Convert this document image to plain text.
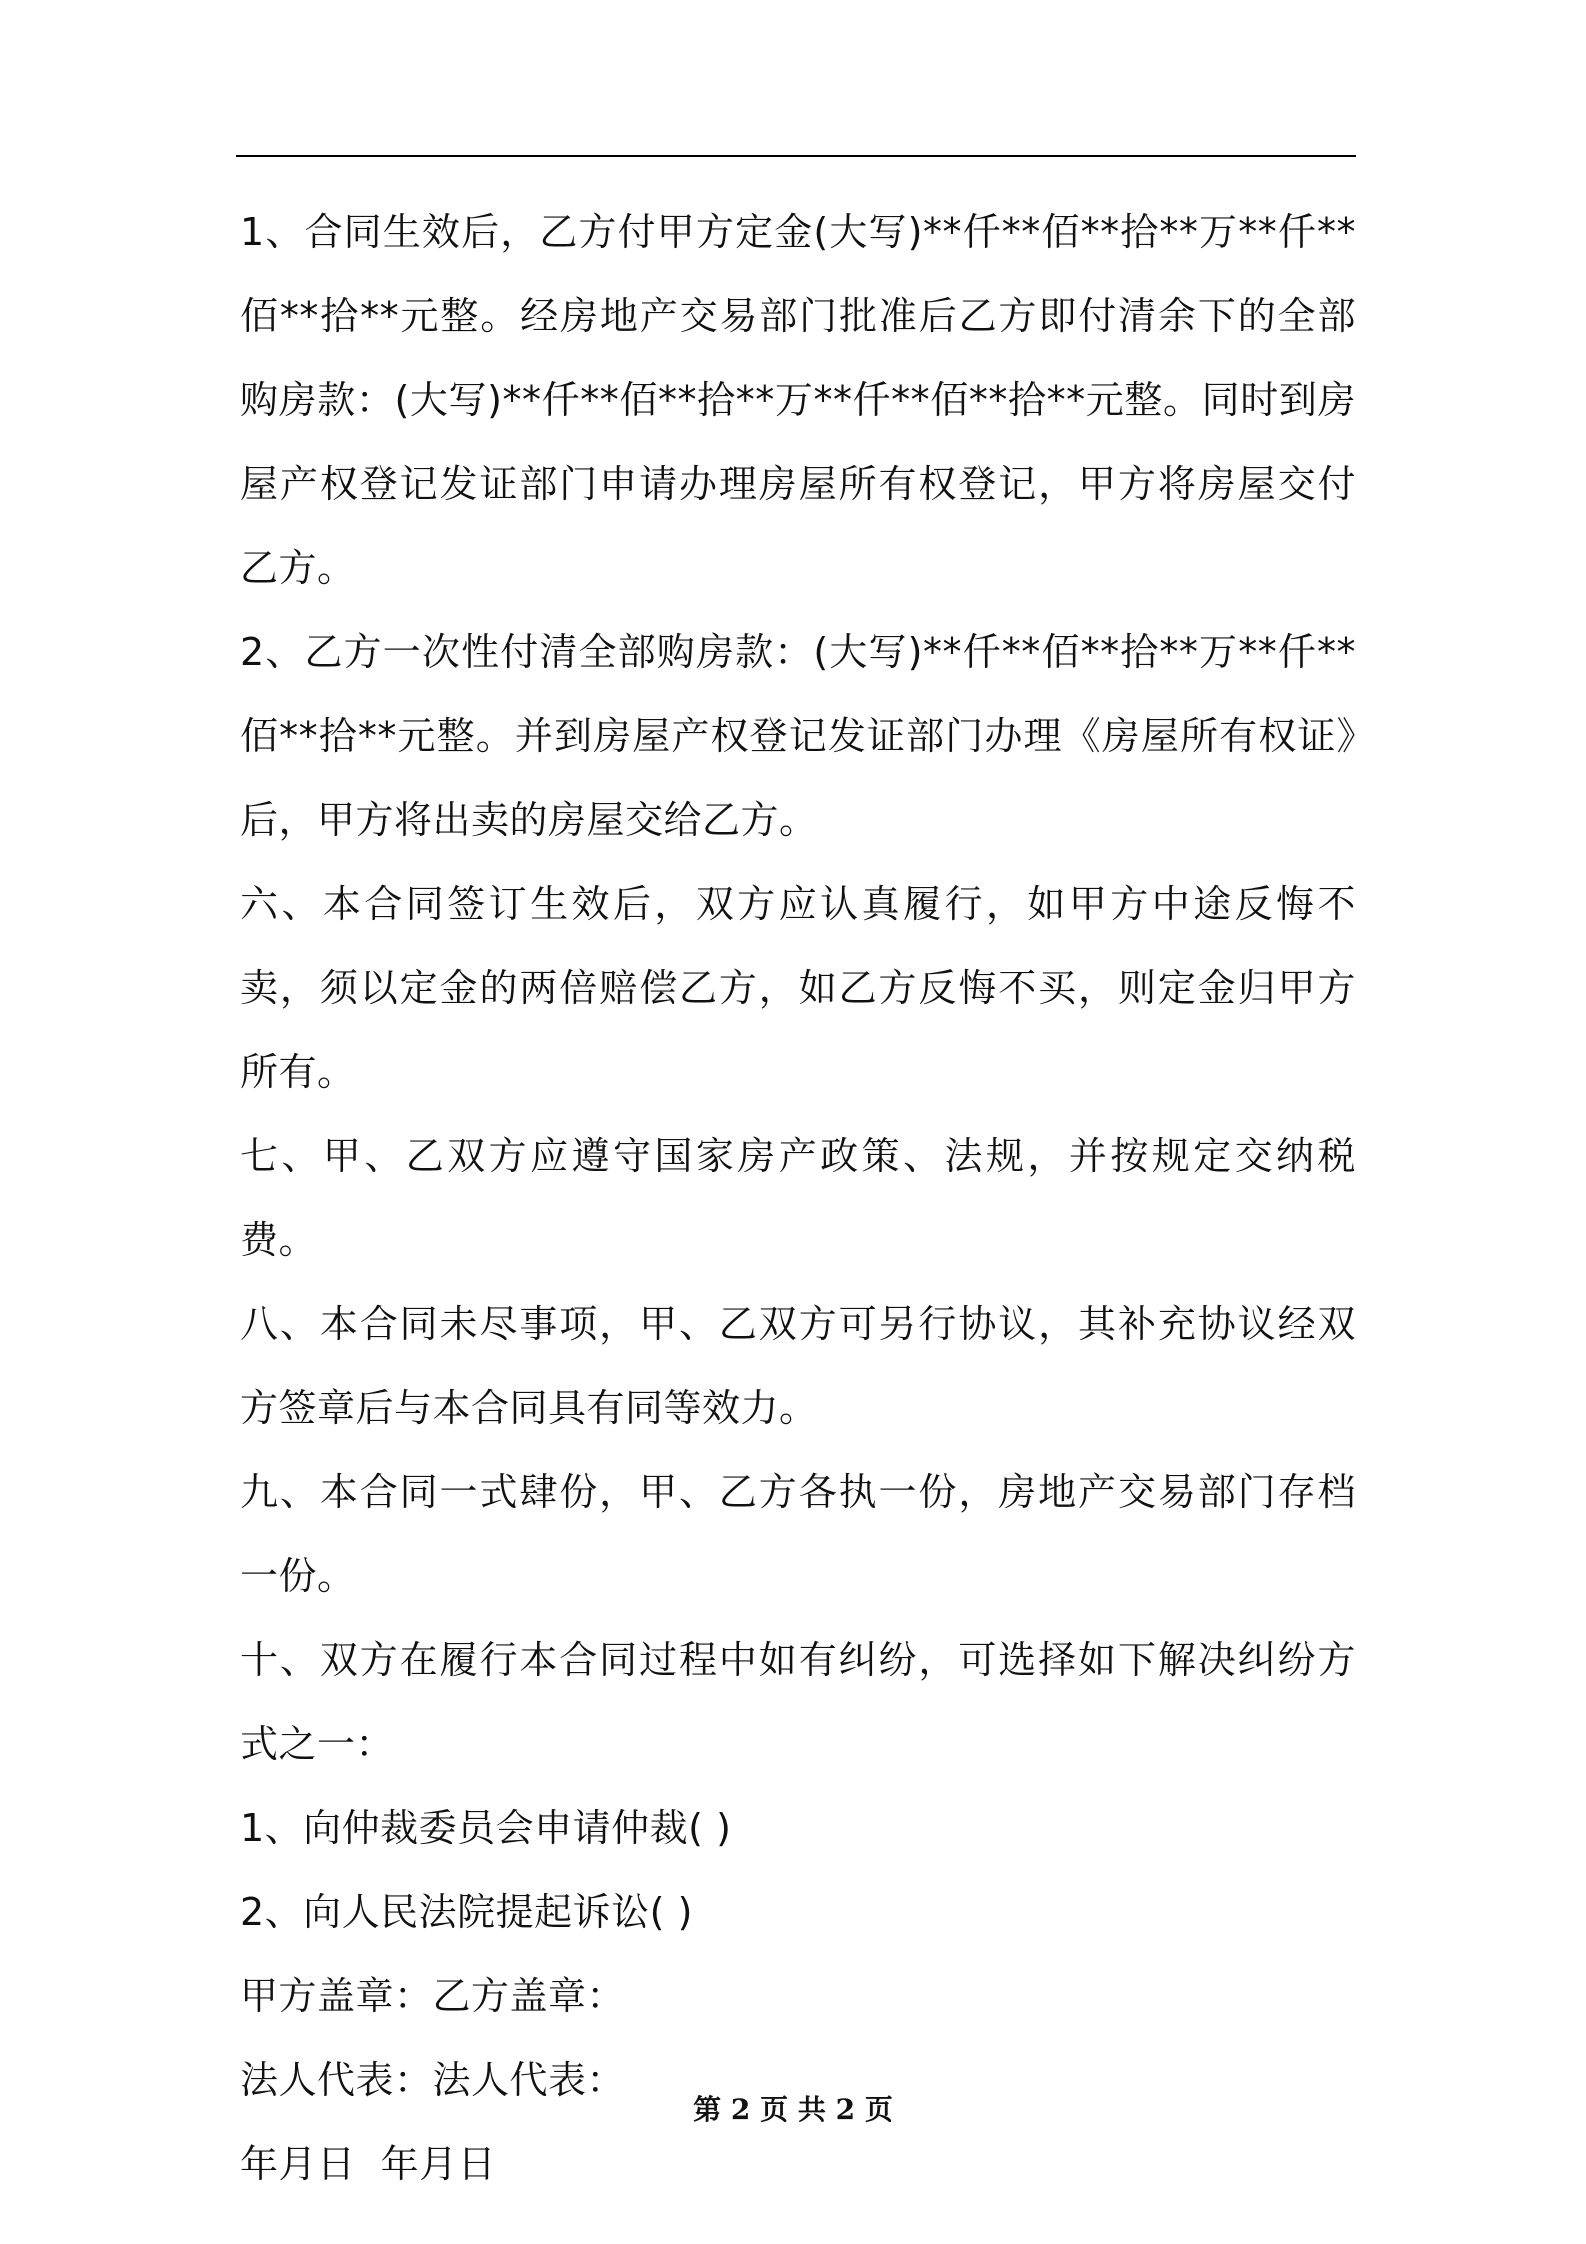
1、合同生效后，乙方付甲方定金(大写)**仟**佰**拾**万**仟**佰**拾**元整。经房地产交易部门批准后乙方即付清余下的全部购房款：(大写)**仟**佰**拾**万**仟**佰**拾**元整。同时到房屋产权登记发证部门申请办理房屋所有权登记，甲方将房屋交付乙方。

2、乙方一次性付清全部购房款：(大写)**仟**佰**拾**万**仟**佰**拾**元整。并到房屋产权登记发证部门办理《房屋所有权证》后，甲方将出卖的房屋交给乙方。

六、本合同签订生效后，双方应认真履行，如甲方中途反悔不卖，须以定金的两倍赔偿乙方，如乙方反悔不买，则定金归甲方所有。

七、甲、乙双方应遵守国家房产政策、法规，并按规定交纳税费。

八、本合同未尽事项，甲、乙双方可另行协议，其补充协议经双方签章后与本合同具有同等效力。

九、本合同一式肆份，甲、乙方各执一份，房地产交易部门存档一份。

十、双方在履行本合同过程中如有纠纷，可选择如下解决纠纷方式之一：

1、向仲裁委员会申请仲裁( )

2、向人民法院提起诉讼( )

甲方盖章：乙方盖章：

法人代表：法人代表：

年月日  年月日

第 2 页 共 2 页
